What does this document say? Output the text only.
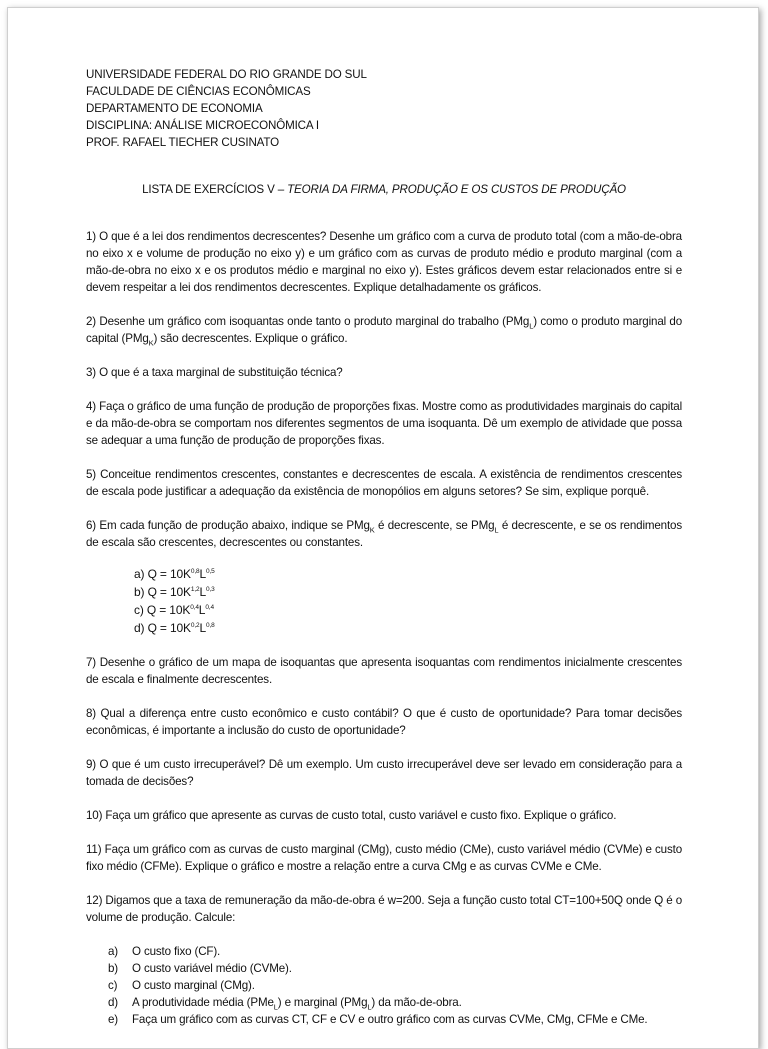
UNIVERSIDADE FEDERAL DO RIO GRANDE DO SUL
FACULDADE DE CIÊNCIAS ECONÔMICAS
DEPARTAMENTO DE ECONOMIA
DISCIPLINA: ANÁLISE MICROECONÔMICA I
PROF. RAFAEL TIECHER CUSINATO
LISTA DE EXERCÍCIOS V – TEORIA DA FIRMA, PRODUÇÃO E OS CUSTOS DE PRODUÇÃO
1) O que é a lei dos rendimentos decrescentes? Desenhe um gráfico com a curva de produto total (com a mão-de-obra no eixo x e volume de produção no eixo y) e um gráfico com as curvas de produto médio e produto marginal (com a mão-de-obra no eixo x e os produtos médio e marginal no eixo y). Estes gráficos devem estar relacionados entre si e devem respeitar a lei dos rendimentos decrescentes. Explique detalhadamente os gráficos.
2) Desenhe um gráfico com isoquantas onde tanto o produto marginal do trabalho (PMg$_L$) como o produto marginal do capital (PMg$_K$) são decrescentes. Explique o gráfico.
3) O que é a taxa marginal de substituição técnica?
4) Faça o gráfico de uma função de produção de proporções fixas. Mostre como as produtividades marginais do capital e da mão-de-obra se comportam nos diferentes segmentos de uma isoquanta. Dê um exemplo de atividade que possa se adequar a uma função de produção de proporções fixas.
5) Conceitue rendimentos crescentes, constantes e decrescentes de escala. A existência de rendimentos crescentes de escala pode justificar a adequação da existência de monopólios em alguns setores? Se sim, explique porquê.
6) Em cada função de produção abaixo, indique se PMg$_K$ é decrescente, se PMg$_L$ é decrescente, e se os rendimentos de escala são crescentes, decrescentes ou constantes.
a) $Q = 10K^{0,8}L^{0,5}$
b) $Q = 10K^{1,2}L^{0,3}$
c) $Q = 10K^{0,4}L^{0,4}$
d) $Q = 10K^{0,2}L^{0,8}$
7) Desenhe o gráfico de um mapa de isoquantas que apresenta isoquantas com rendimentos inicialmente crescentes de escala e finalmente decrescentes.
8) Qual a diferença entre custo econômico e custo contábil? O que é custo de oportunidade? Para tomar decisões econômicas, é importante a inclusão do custo de oportunidade?
9) O que é um custo irrecuperável? Dê um exemplo. Um custo irrecuperável deve ser levado em consideração para a tomada de decisões?
10) Faça um gráfico que apresente as curvas de custo total, custo variável e custo fixo. Explique o gráfico.
11) Faça um gráfico com as curvas de custo marginal (CMg), custo médio (CMe), custo variável médio (CVMe) e custo fixo médio (CFMe). Explique o gráfico e mostre a relação entre a curva CMg e as curvas CVMe e CMe.
12) Digamos que a taxa de remuneração da mão-de-obra é w=200. Seja a função custo total CT=100+50Q onde Q é o volume de produção. Calcule:
a)	O custo fixo (CF).
b)	O custo variável médio (CVMe).
c)	O custo marginal (CMg).
d)	A produtividade média (PMe$_L$) e marginal (PMg$_L$) da mão-de-obra.
e)	Faça um gráfico com as curvas CT, CF e CV e outro gráfico com as curvas CVMe, CMg, CFMe e CMe.
